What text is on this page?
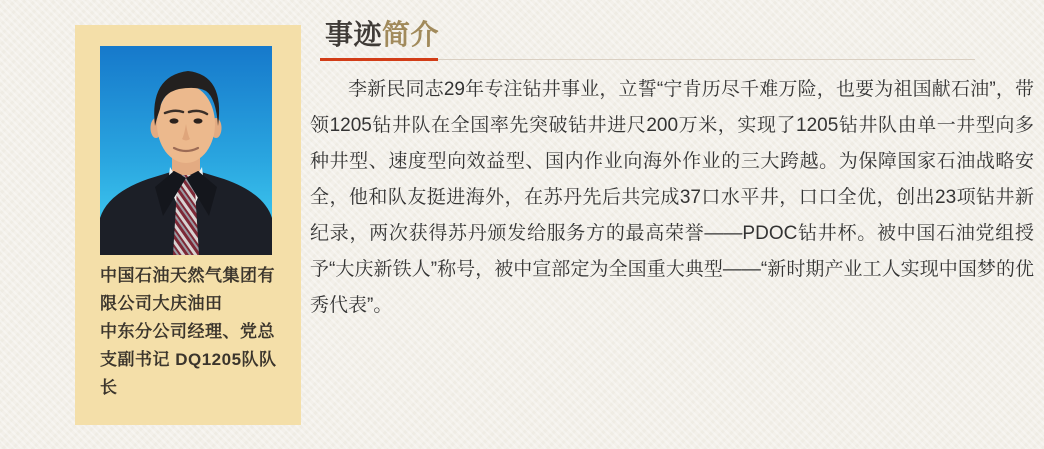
中国石油天然气集团有限公司大庆油田
中东分公司经理、党总支副书记 DQ1205队队长
事迹简介
李新民同志29年专注钻井事业，立誓“宁肯历尽千难万险，也要为祖国献石油”，带领1205钻井队在全国率先突破钻井进尺200万米，实现了1205钻井队由单一井型向多种井型、速度型向效益型、国内作业向海外作业的三大跨越。为保障国家石油战略安全，他和队友挺进海外，在苏丹先后共完成37口水平井，口口全优，创出23项钻井新纪录，两次获得苏丹颁发给服务方的最高荣誉——PDOC钻井杯。被中国石油党组授予“大庆新铁人”称号，被中宣部定为全国重大典型——“新时期产业工人实现中国梦的优秀代表”。
